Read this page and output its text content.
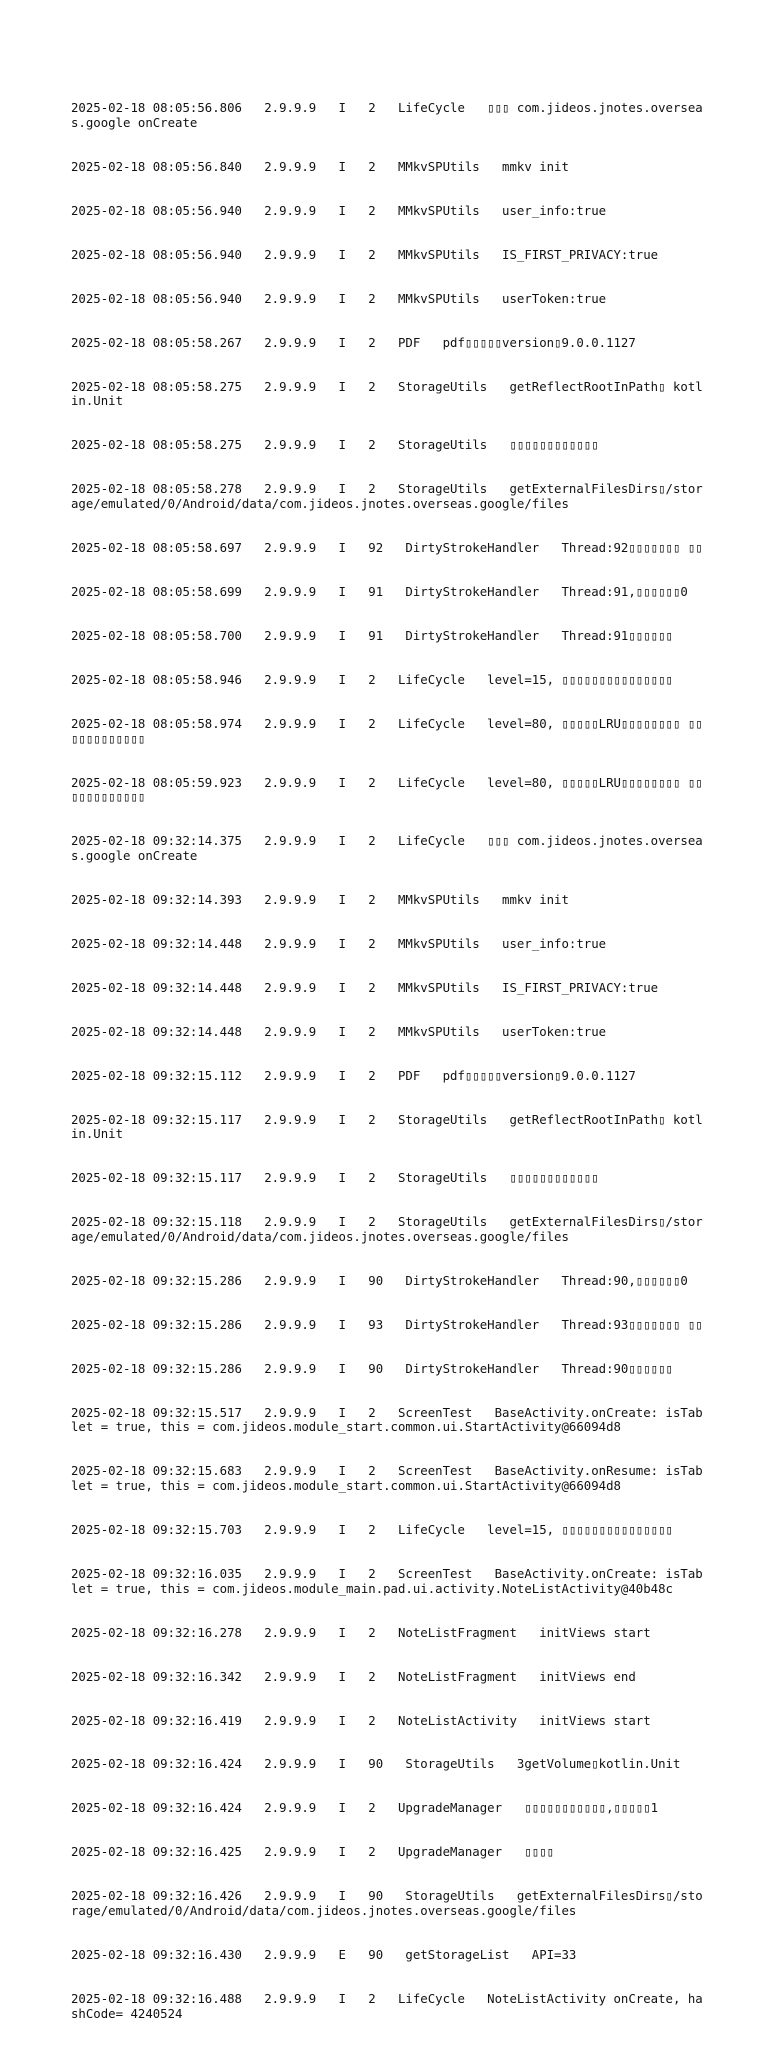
2025-02-18 08:05:56.806   2.9.9.9   I   2   LifeCycle   ▯▯▯ com.jideos.jnotes.overseas.google onCreate

2025-02-18 08:05:56.840   2.9.9.9   I   2   MMkvSPUtils   mmkv init

2025-02-18 08:05:56.940   2.9.9.9   I   2   MMkvSPUtils   user_info:true

2025-02-18 08:05:56.940   2.9.9.9   I   2   MMkvSPUtils   IS_FIRST_PRIVACY:true

2025-02-18 08:05:56.940   2.9.9.9   I   2   MMkvSPUtils   userToken:true

2025-02-18 08:05:58.267   2.9.9.9   I   2   PDF   pdf▯▯▯▯▯version▯9.0.0.1127

2025-02-18 08:05:58.275   2.9.9.9   I   2   StorageUtils   getReflectRootInPath▯ kotlin.Unit

2025-02-18 08:05:58.275   2.9.9.9   I   2   StorageUtils   ▯▯▯▯▯▯▯▯▯▯▯▯

2025-02-18 08:05:58.278   2.9.9.9   I   2   StorageUtils   getExternalFilesDirs▯/storage/emulated/0/Android/data/com.jideos.jnotes.overseas.google/files

2025-02-18 08:05:58.697   2.9.9.9   I   92   DirtyStrokeHandler   Thread:92▯▯▯▯▯▯▯ ▯▯

2025-02-18 08:05:58.699   2.9.9.9   I   91   DirtyStrokeHandler   Thread:91,▯▯▯▯▯▯0

2025-02-18 08:05:58.700   2.9.9.9   I   91   DirtyStrokeHandler   Thread:91▯▯▯▯▯▯

2025-02-18 08:05:58.946   2.9.9.9   I   2   LifeCycle   level=15, ▯▯▯▯▯▯▯▯▯▯▯▯▯▯▯

2025-02-18 08:05:58.974   2.9.9.9   I   2   LifeCycle   level=80, ▯▯▯▯▯LRU▯▯▯▯▯▯▯▯ ▯▯▯▯▯▯▯▯▯▯▯▯

2025-02-18 08:05:59.923   2.9.9.9   I   2   LifeCycle   level=80, ▯▯▯▯▯LRU▯▯▯▯▯▯▯▯ ▯▯▯▯▯▯▯▯▯▯▯▯

2025-02-18 09:32:14.375   2.9.9.9   I   2   LifeCycle   ▯▯▯ com.jideos.jnotes.overseas.google onCreate

2025-02-18 09:32:14.393   2.9.9.9   I   2   MMkvSPUtils   mmkv init

2025-02-18 09:32:14.448   2.9.9.9   I   2   MMkvSPUtils   user_info:true

2025-02-18 09:32:14.448   2.9.9.9   I   2   MMkvSPUtils   IS_FIRST_PRIVACY:true

2025-02-18 09:32:14.448   2.9.9.9   I   2   MMkvSPUtils   userToken:true

2025-02-18 09:32:15.112   2.9.9.9   I   2   PDF   pdf▯▯▯▯▯version▯9.0.0.1127

2025-02-18 09:32:15.117   2.9.9.9   I   2   StorageUtils   getReflectRootInPath▯ kotlin.Unit

2025-02-18 09:32:15.117   2.9.9.9   I   2   StorageUtils   ▯▯▯▯▯▯▯▯▯▯▯▯

2025-02-18 09:32:15.118   2.9.9.9   I   2   StorageUtils   getExternalFilesDirs▯/storage/emulated/0/Android/data/com.jideos.jnotes.overseas.google/files

2025-02-18 09:32:15.286   2.9.9.9   I   90   DirtyStrokeHandler   Thread:90,▯▯▯▯▯▯0

2025-02-18 09:32:15.286   2.9.9.9   I   93   DirtyStrokeHandler   Thread:93▯▯▯▯▯▯▯ ▯▯

2025-02-18 09:32:15.286   2.9.9.9   I   90   DirtyStrokeHandler   Thread:90▯▯▯▯▯▯

2025-02-18 09:32:15.517   2.9.9.9   I   2   ScreenTest   BaseActivity.onCreate: isTablet = true, this = com.jideos.module_start.common.ui.StartActivity@66094d8

2025-02-18 09:32:15.683   2.9.9.9   I   2   ScreenTest   BaseActivity.onResume: isTablet = true, this = com.jideos.module_start.common.ui.StartActivity@66094d8

2025-02-18 09:32:15.703   2.9.9.9   I   2   LifeCycle   level=15, ▯▯▯▯▯▯▯▯▯▯▯▯▯▯▯

2025-02-18 09:32:16.035   2.9.9.9   I   2   ScreenTest   BaseActivity.onCreate: isTablet = true, this = com.jideos.module_main.pad.ui.activity.NoteListActivity@40b48c

2025-02-18 09:32:16.278   2.9.9.9   I   2   NoteListFragment   initViews start

2025-02-18 09:32:16.342   2.9.9.9   I   2   NoteListFragment   initViews end

2025-02-18 09:32:16.419   2.9.9.9   I   2   NoteListActivity   initViews start

2025-02-18 09:32:16.424   2.9.9.9   I   90   StorageUtils   3getVolume▯kotlin.Unit

2025-02-18 09:32:16.424   2.9.9.9   I   2   UpgradeManager   ▯▯▯▯▯▯▯▯▯▯▯,▯▯▯▯▯1

2025-02-18 09:32:16.425   2.9.9.9   I   2   UpgradeManager   ▯▯▯▯

2025-02-18 09:32:16.426   2.9.9.9   I   90   StorageUtils   getExternalFilesDirs▯/storage/emulated/0/Android/data/com.jideos.jnotes.overseas.google/files

2025-02-18 09:32:16.430   2.9.9.9   E   90   getStorageList   API=33

2025-02-18 09:32:16.488   2.9.9.9   I   2   LifeCycle   NoteListActivity onCreate, hashCode= 4240524
